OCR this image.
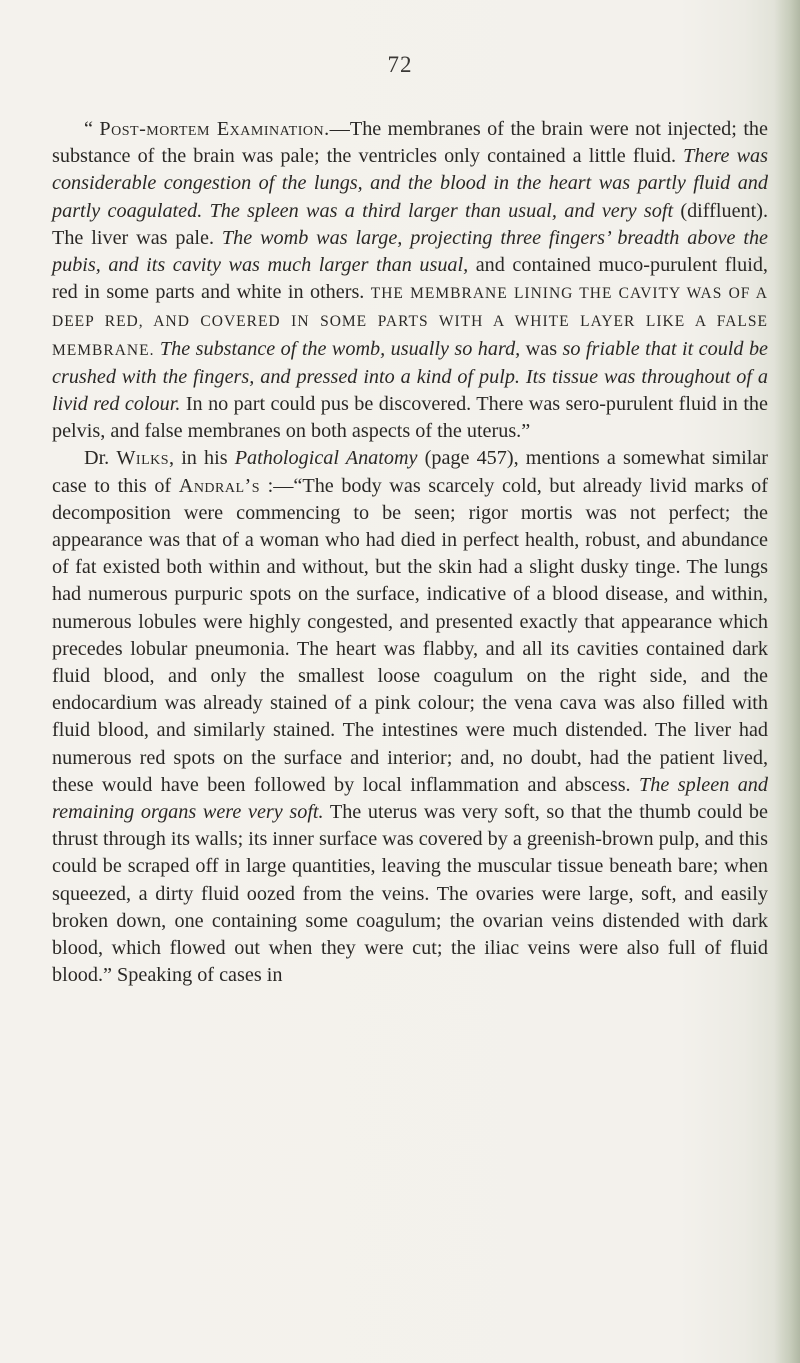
72

“ Post-mortem Examination.—The membranes of the brain were not injected; the substance of the brain was pale; the ventricles only contained a little fluid. There was considerable congestion of the lungs, and the blood in the heart was partly fluid and partly coagulated. The spleen was a third larger than usual, and very soft (diffluent). The liver was pale. The womb was large, projecting three fingers’ breadth above the pubis, and its cavity was much larger than usual, and contained muco-purulent fluid, red in some parts and white in others. THE MEMBRANE LINING THE CAVITY WAS OF A DEEP RED, AND COVERED IN SOME PARTS WITH A WHITE LAYER LIKE A FALSE MEMBRANE. The substance of the womb, usually so hard, was so friable that it could be crushed with the fingers, and pressed into a kind of pulp. Its tissue was throughout of a livid red colour. In no part could pus be discovered. There was sero-purulent fluid in the pelvis, and false membranes on both aspects of the uterus.”

Dr. Wilks, in his Pathological Anatomy (page 457), mentions a somewhat similar case to this of Andral’s :—“The body was scarcely cold, but already livid marks of decomposition were commencing to be seen; rigor mortis was not perfect; the appearance was that of a woman who had died in perfect health, robust, and abundance of fat existed both within and without, but the skin had a slight dusky tinge. The lungs had numerous purpuric spots on the surface, indicative of a blood disease, and within, numerous lobules were highly congested, and presented exactly that appearance which precedes lobular pneumonia. The heart was flabby, and all its cavities contained dark fluid blood, and only the smallest loose coagulum on the right side, and the endocardium was already stained of a pink colour; the vena cava was also filled with fluid blood, and similarly stained. The intestines were much distended. The liver had numerous red spots on the surface and interior; and, no doubt, had the patient lived, these would have been followed by local inflammation and abscess. The spleen and remaining organs were very soft. The uterus was very soft, so that the thumb could be thrust through its walls; its inner surface was covered by a greenish-brown pulp, and this could be scraped off in large quantities, leaving the muscular tissue beneath bare; when squeezed, a dirty fluid oozed from the veins. The ovaries were large, soft, and easily broken down, one containing some coagulum; the ovarian veins distended with dark blood, which flowed out when they were cut; the iliac veins were also full of fluid blood.” Speaking of cases in
